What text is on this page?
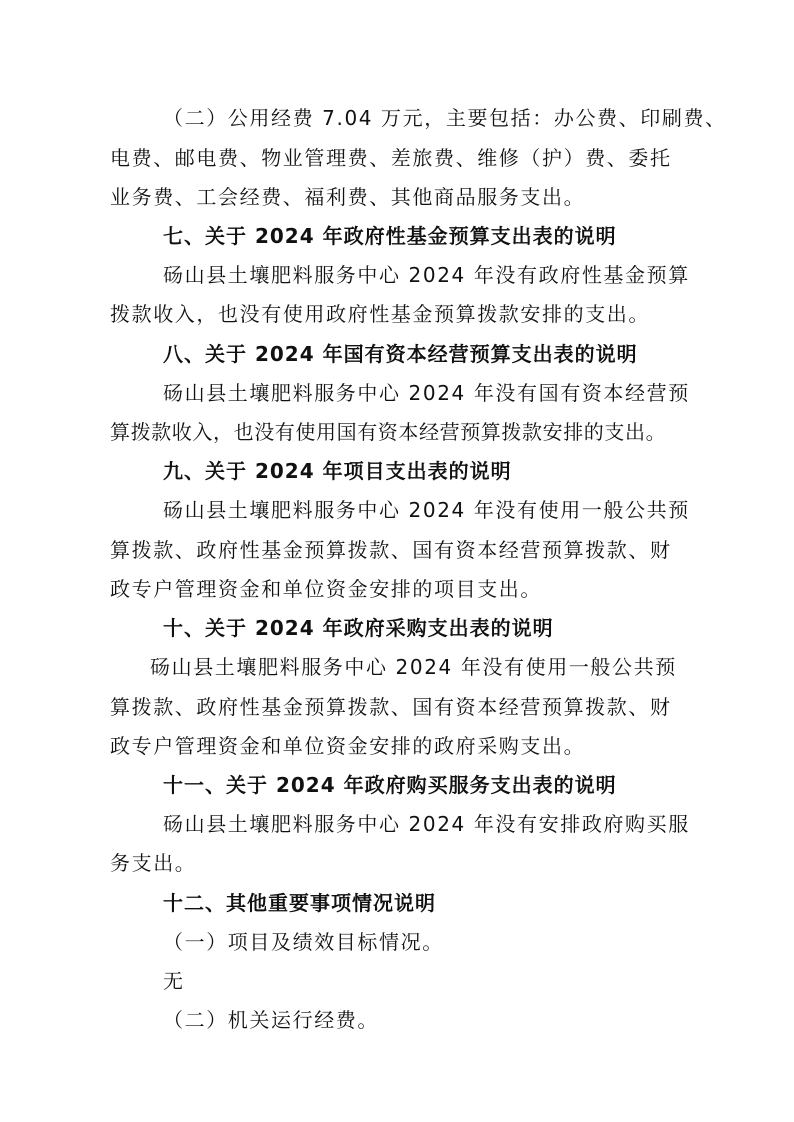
（二）公用经费 7.04 万元，主要包括：办公费、印刷费、

电费、邮电费、物业管理费、差旅费、维修（护）费、委托

业务费、工会经费、福利费、其他商品服务支出。

七、关于 2024 年政府性基金预算支出表的说明

砀山县土壤肥料服务中心 2024 年没有政府性基金预算

拨款收入，也没有使用政府性基金预算拨款安排的支出。

八、关于 2024 年国有资本经营预算支出表的说明

砀山县土壤肥料服务中心 2024 年没有国有资本经营预

算拨款收入，也没有使用国有资本经营预算拨款安排的支出。

九、关于 2024 年项目支出表的说明

砀山县土壤肥料服务中心 2024 年没有使用一般公共预

算拨款、政府性基金预算拨款、国有资本经营预算拨款、财

政专户管理资金和单位资金安排的项目支出。

十、关于 2024 年政府采购支出表的说明

砀山县土壤肥料服务中心 2024 年没有使用一般公共预

算拨款、政府性基金预算拨款、国有资本经营预算拨款、财

政专户管理资金和单位资金安排的政府采购支出。

十一、关于 2024 年政府购买服务支出表的说明

砀山县土壤肥料服务中心 2024 年没有安排政府购买服

务支出。

十二、其他重要事项情况说明

（一）项目及绩效目标情况。

无

（二）机关运行经费。
